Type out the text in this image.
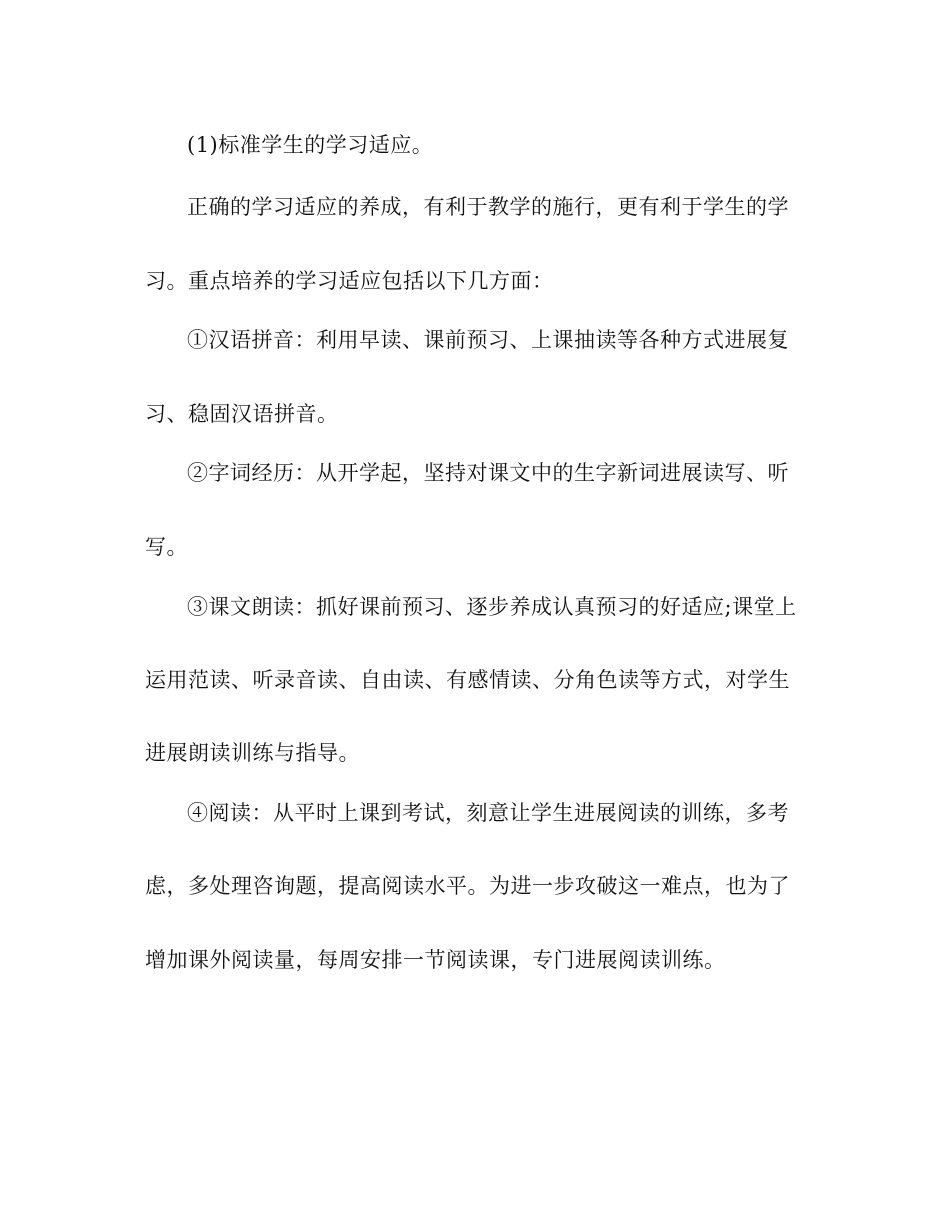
(1)标准学生的学习适应。
正确的学习适应的养成，有利于教学的施行，更有利于学生的学
习。重点培养的学习适应包括以下几方面：
①汉语拼音：利用早读、课前预习、上课抽读等各种方式进展复
习、稳固汉语拼音。
②字词经历：从开学起，坚持对课文中的生字新词进展读写、听
写。
③课文朗读：抓好课前预习、逐步养成认真预习的好适应;课堂上
运用范读、听录音读、自由读、有感情读、分角色读等方式，对学生
进展朗读训练与指导。
④阅读：从平时上课到考试，刻意让学生进展阅读的训练，多考
虑，多处理咨询题，提高阅读水平。为进一步攻破这一难点，也为了
增加课外阅读量，每周安排一节阅读课，专门进展阅读训练。
